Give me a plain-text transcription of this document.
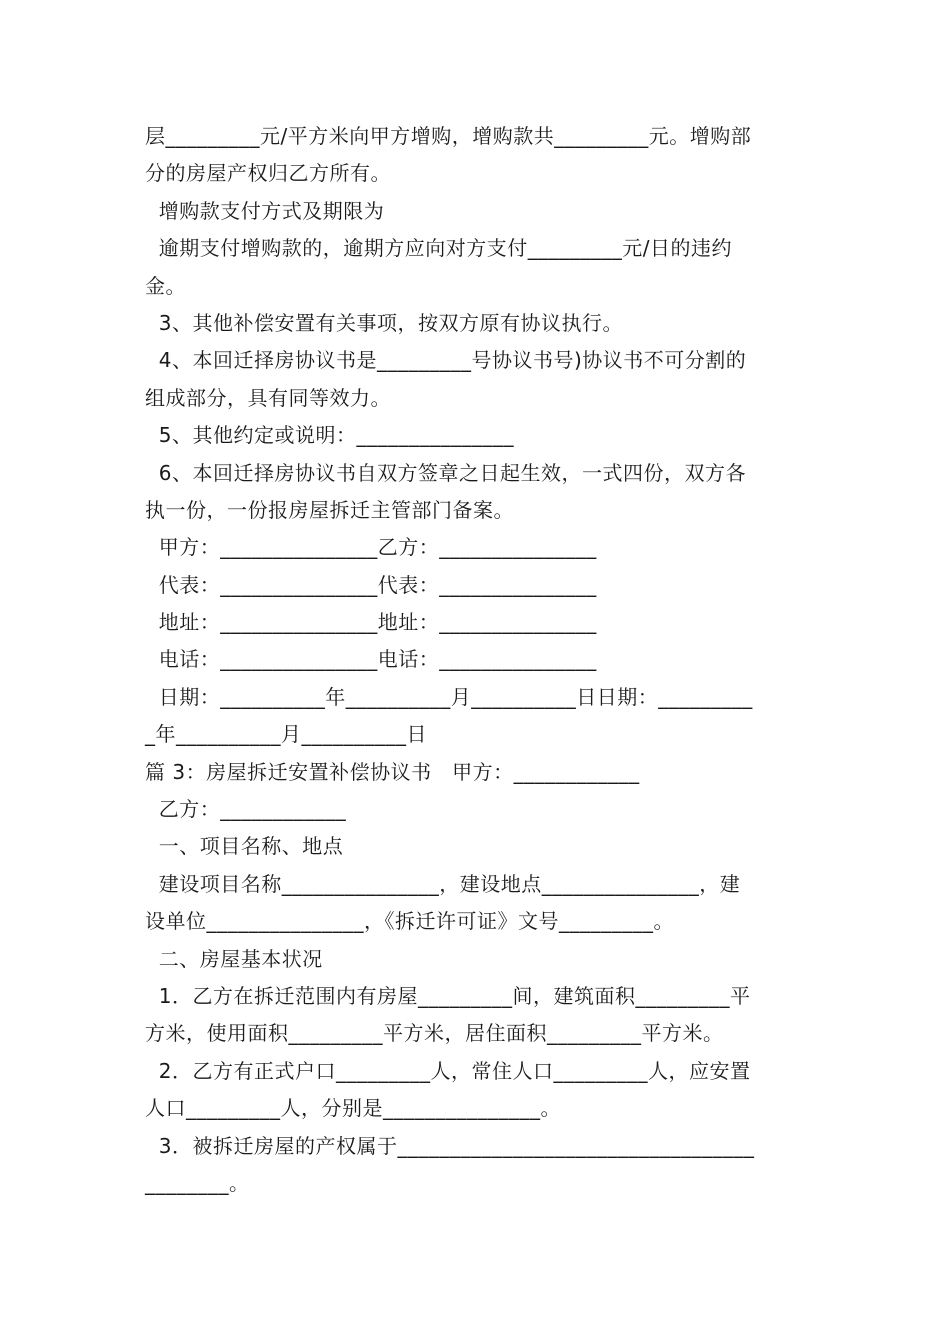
层_________元/平方米向甲方增购，增购款共_________元。增购部
分的房屋产权归乙方所有。
增购款支付方式及期限为
逾期支付增购款的，逾期方应向对方支付_________元/日的违约
金。
3、其他补偿安置有关事项，按双方原有协议执行。
4、本回迁择房协议书是_________号协议书号)协议书不可分割的
组成部分，具有同等效力。
5、其他约定或说明：_______________
6、本回迁择房协议书自双方签章之日起生效，一式四份，双方各
执一份，一份报房屋拆迁主管部门备案。
甲方：_______________乙方：_______________
代表：_______________代表：_______________
地址：_______________地址：_______________
电话：_______________电话：_______________
日期：__________年__________月__________日日期：_________
_年__________月__________日
篇 3：房屋拆迁安置补偿协议书   甲方：____________
乙方：____________
一、项目名称、地点
建设项目名称_______________，建设地点_______________，建
设单位_______________，《拆迁许可证》文号_________。
二、房屋基本状况
1．乙方在拆迁范围内有房屋_________间，建筑面积_________平
方米，使用面积_________平方米，居住面积_________平方米。
2．乙方有正式户口_________人，常住人口_________人，应安置
人口_________人，分别是_______________。
3．被拆迁房屋的产权属于__________________________________
________。
